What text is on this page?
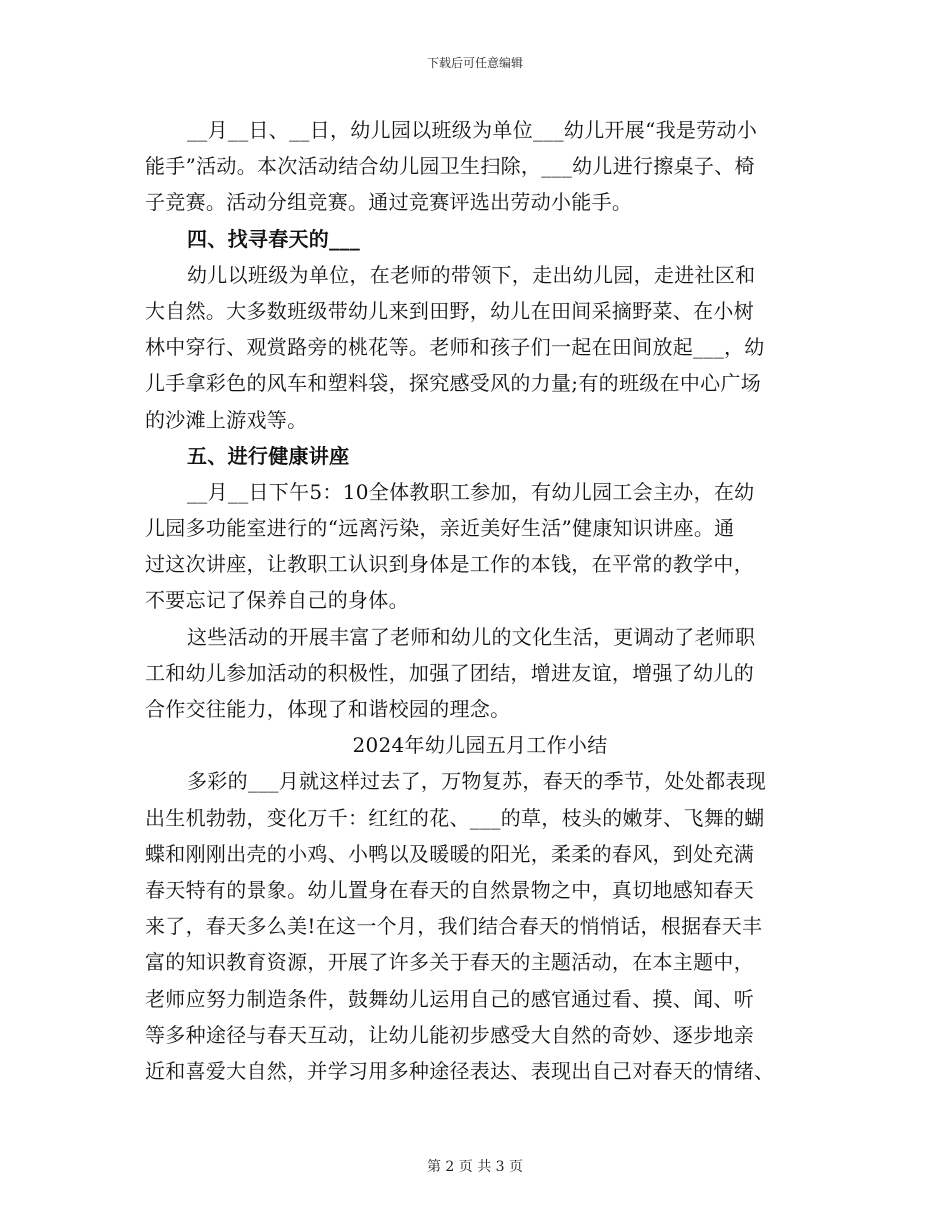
下载后可任意编辑
__月__日、__日，幼儿园以班级为单位___幼儿开展“我是劳动小
能手”活动。本次活动结合幼儿园卫生扫除，___幼儿进行擦桌子、椅
子竞赛。活动分组竞赛。通过竞赛评选出劳动小能手。
四、找寻春天的___
幼儿以班级为单位，在老师的带领下，走出幼儿园，走进社区和
大自然。大多数班级带幼儿来到田野，幼儿在田间采摘野菜、在小树
林中穿行、观赏路旁的桃花等。老师和孩子们一起在田间放起___，幼
儿手拿彩色的风车和塑料袋，探究感受风的力量;有的班级在中心广场
的沙滩上游戏等。
五、进行健康讲座
__月__日下午5：10全体教职工参加，有幼儿园工会主办，在幼
儿园多功能室进行的“远离污染，亲近美好生活”健康知识讲座。通
过这次讲座，让教职工认识到身体是工作的本钱，在平常的教学中，
不要忘记了保养自己的身体。
这些活动的开展丰富了老师和幼儿的文化生活，更调动了老师职
工和幼儿参加活动的积极性，加强了团结，增进友谊，增强了幼儿的
合作交往能力，体现了和谐校园的理念。
2024年幼儿园五月工作小结
多彩的___月就这样过去了，万物复苏，春天的季节，处处都表现
出生机勃勃，变化万千：红红的花、___的草，枝头的嫩芽、飞舞的蝴
蝶和刚刚出壳的小鸡、小鸭以及暖暖的阳光，柔柔的春风，到处充满
春天特有的景象。幼儿置身在春天的自然景物之中，真切地感知春天
来了，春天多么美!在这一个月，我们结合春天的悄悄话，根据春天丰
富的知识教育资源，开展了许多关于春天的主题活动，在本主题中，
老师应努力制造条件，鼓舞幼儿运用自己的感官通过看、摸、闻、听
等多种途径与春天互动，让幼儿能初步感受大自然的奇妙、逐步地亲
近和喜爱大自然，并学习用多种途径表达、表现出自己对春天的情绪、
第 2 页 共 3 页
